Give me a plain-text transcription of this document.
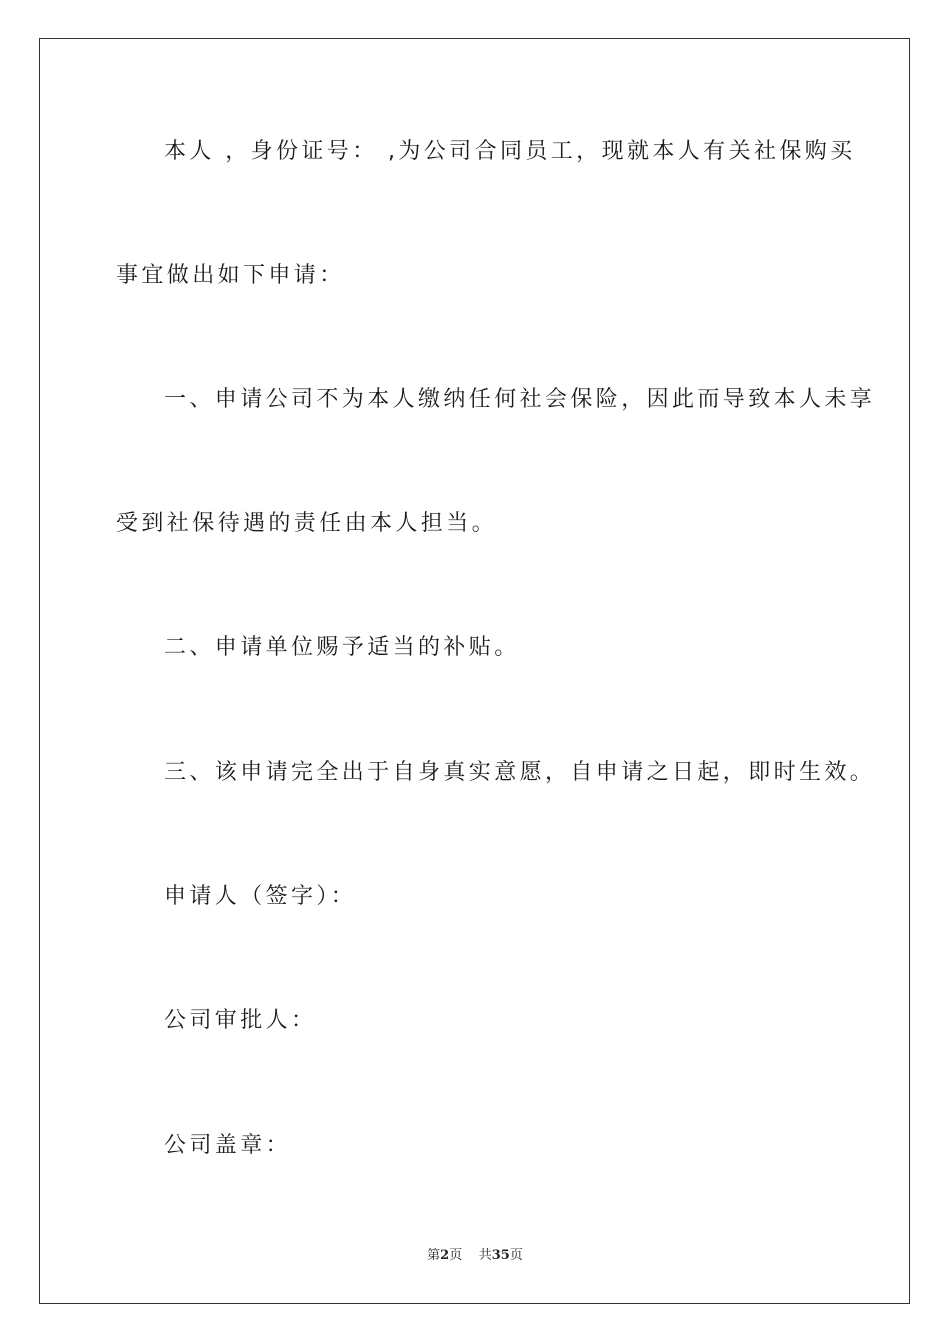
本人 ，身份证号： ,为公司合同员工，现就本人有关社保购买
事宜做出如下申请：
一、申请公司不为本人缴纳任何社会保险，因此而导致本人未享
受到社保待遇的责任由本人担当。
二、申请单位赐予适当的补贴。
三、该申请完全出于自身真实意愿，自申请之日起，即时生效。
申请人（签字）：
公司审批人：
公司盖章：
第2页 共35页
